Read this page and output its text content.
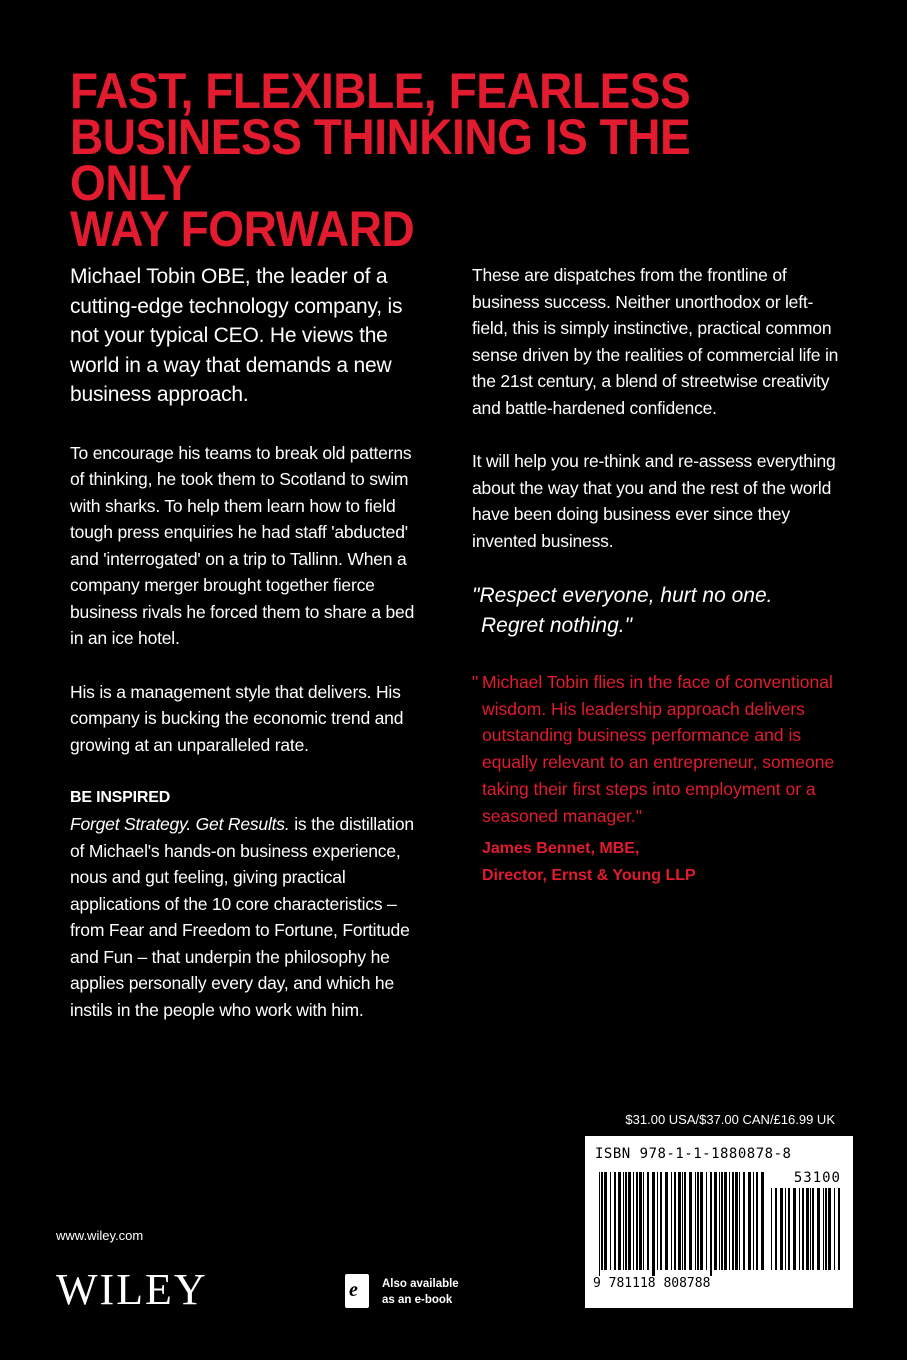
FAST, FLEXIBLE, FEARLESS
BUSINESS THINKING IS THE ONLY
WAY FORWARD

Michael Tobin OBE, the leader of a cutting-edge technology company, is not your typical CEO. He views the world in a way that demands a new business approach.

To encourage his teams to break old patterns of thinking, he took them to Scotland to swim with sharks. To help them learn how to field tough press enquiries he had staff 'abducted' and 'interrogated' on a trip to Tallinn. When a company merger brought together fierce business rivals he forced them to share a bed in an ice hotel.

His is a management style that delivers. His company is bucking the economic trend and growing at an unparalleled rate.

BE INSPIRED
Forget Strategy. Get Results. is the distillation of Michael's hands-on business experience, nous and gut feeling, giving practical applications of the 10 core characteristics – from Fear and Freedom to Fortune, Fortitude and Fun – that underpin the philosophy he applies personally every day, and which he instils in the people who work with him.

These are dispatches from the frontline of business success. Neither unorthodox or left-field, this is simply instinctive, practical common sense driven by the realities of commercial life in the 21st century, a blend of streetwise creativity and battle-hardened confidence.

It will help you re-think and re-assess everything about the way that you and the rest of the world have been doing business ever since they invented business.

"Respect everyone, hurt no one.
Regret nothing."

" Michael Tobin flies in the face of conventional wisdom. His leadership approach delivers outstanding business performance and is equally relevant to an entrepreneur, someone taking their first steps into employment or a seasoned manager."

James Bennet, MBE,
Director, Ernst & Young LLP
$31.00 USA/$37.00 CAN/£16.99 UK
ISBN 978-1-1-1880878-8
53100
9 781118 808788
www.wiley.com
WILEY	e Also available
as an e-book
